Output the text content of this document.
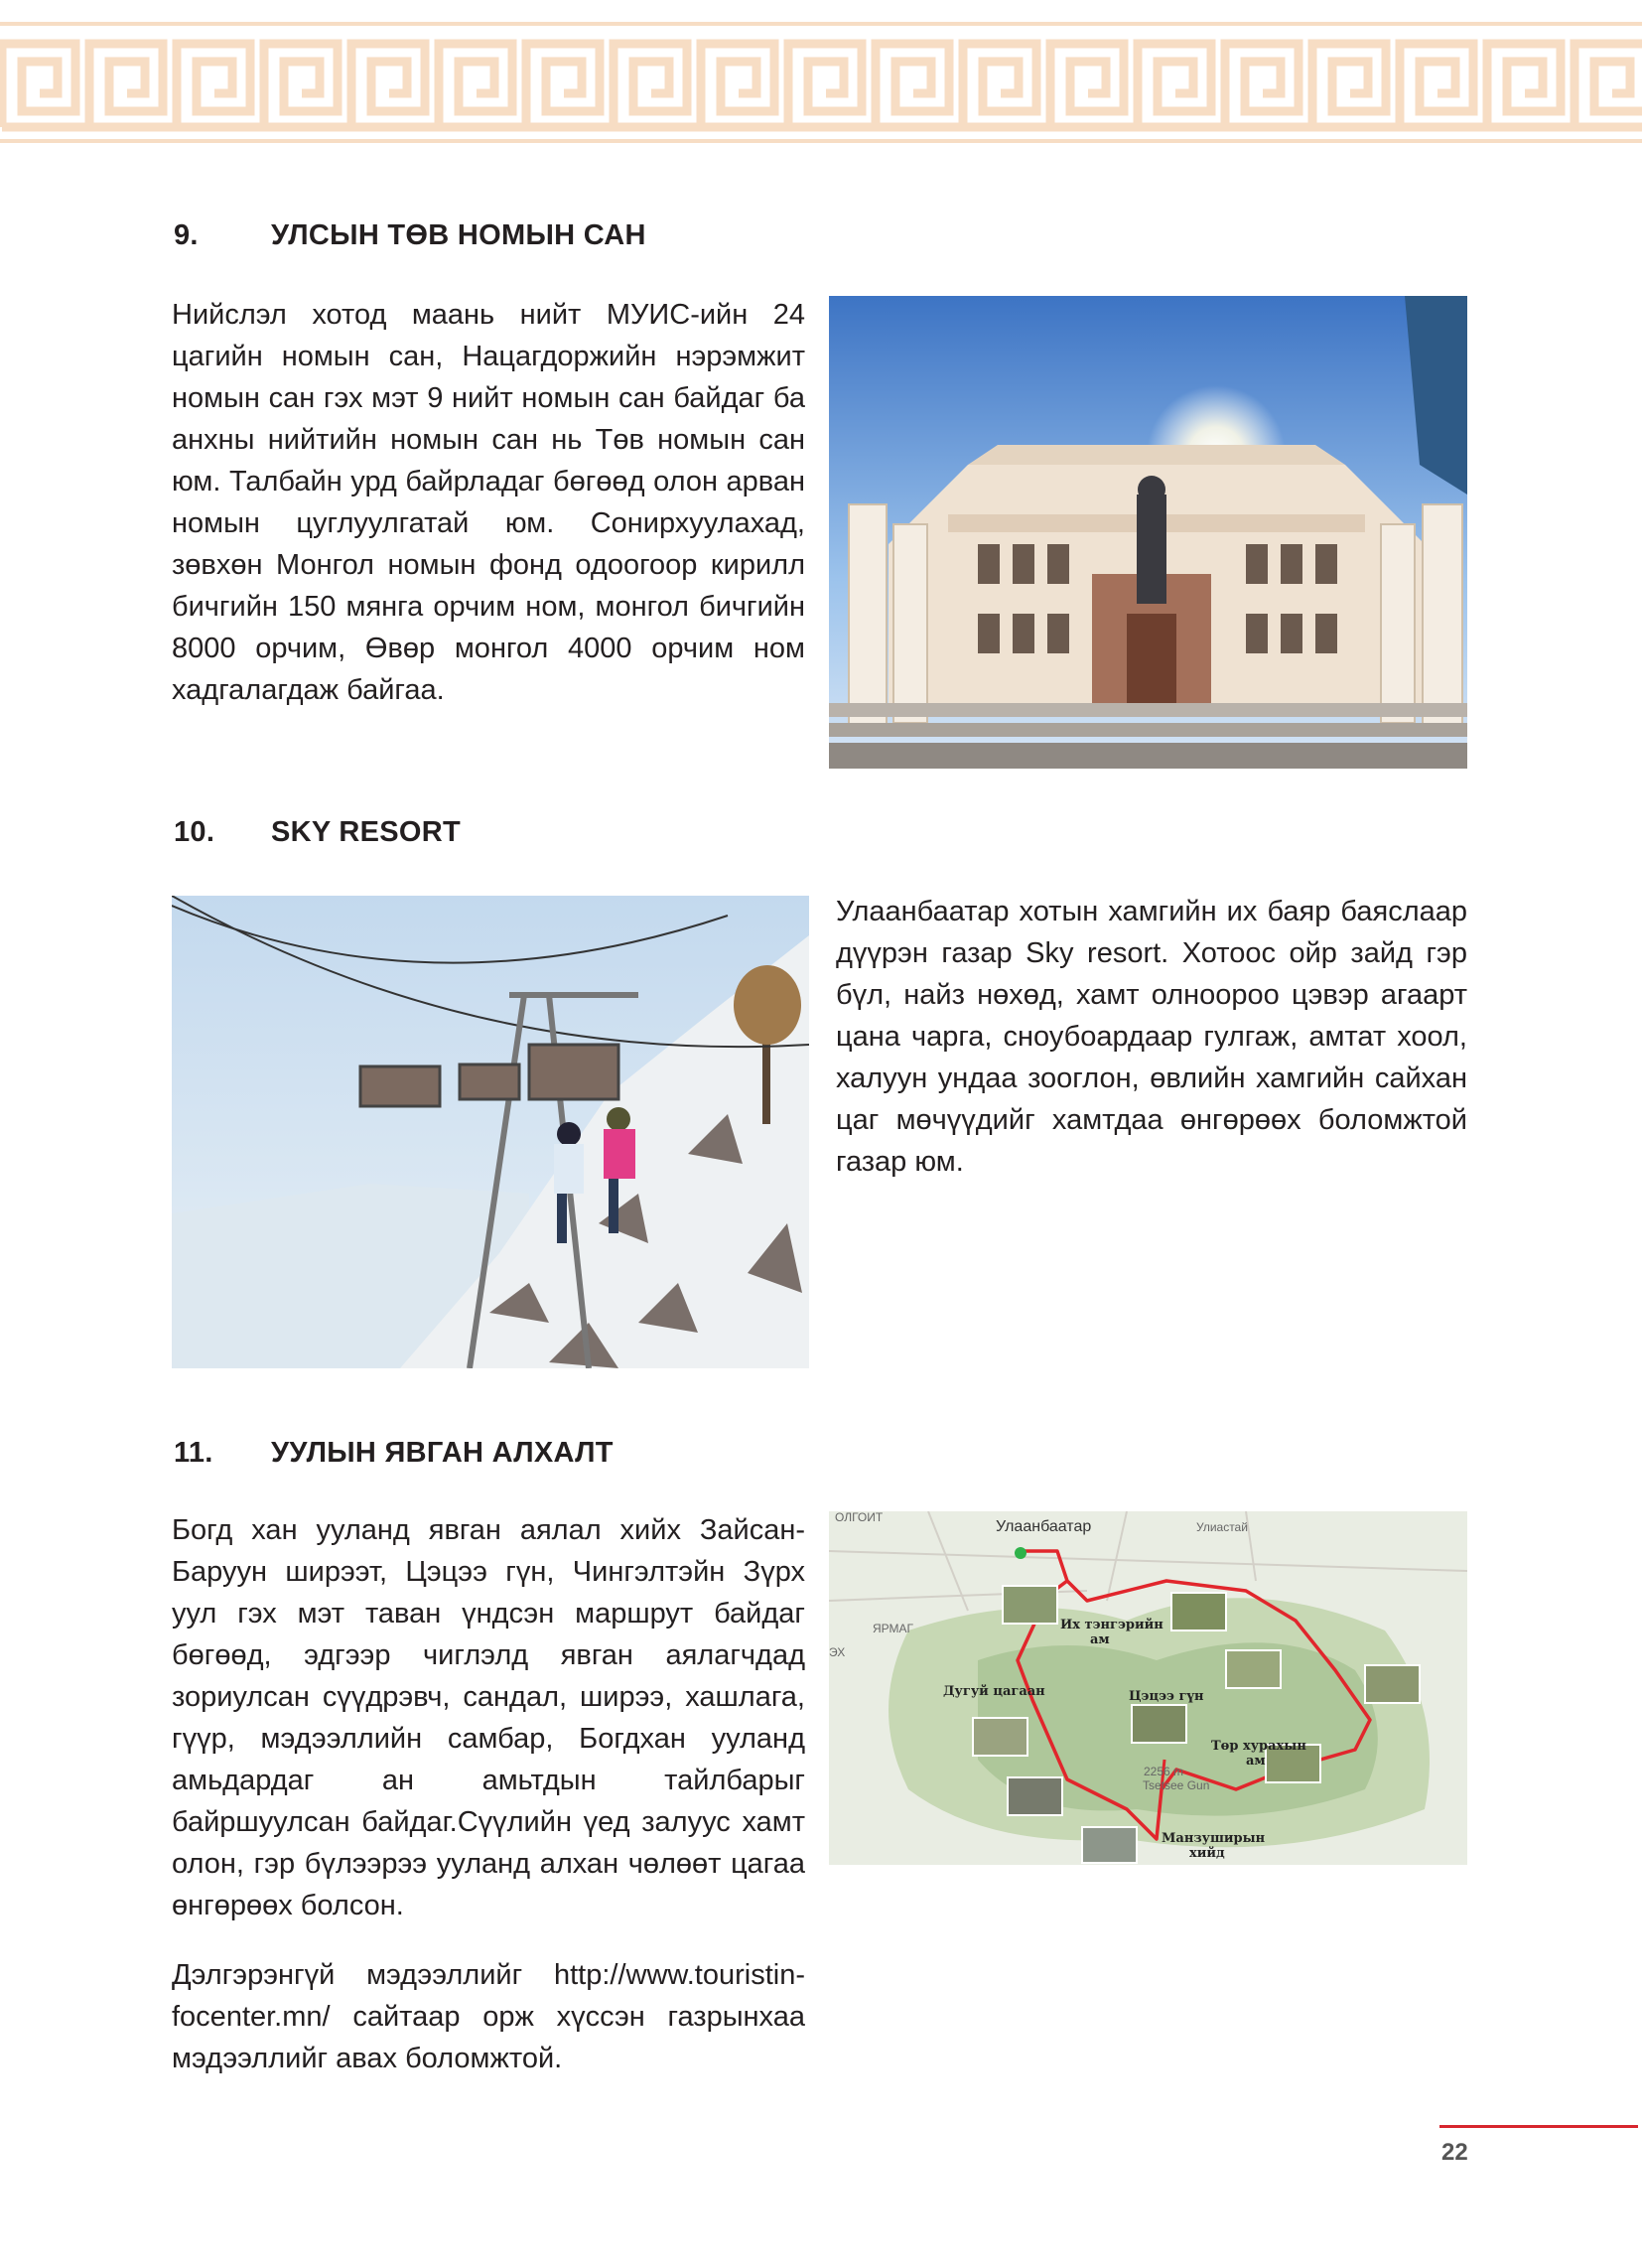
9.	УЛСЫН ТӨВ НОМЫН САН
Нийслэл хотод маань нийт МУИС-ийн 24 цагийн номын сан, Нацагдоржийн нэрэмжит номын сан гэх мэт 9 нийт номын сан байдаг ба анхны нийтийн номын сан нь Төв номын сан юм. Талбайн урд байрладаг бөгөөд олон арван номын цуглуулгатай юм. Сонирхуулахад, зөвхөн Монгол номын фонд одоогоор кирилл бичгийн 150 мянга орчим ном, монгол бичгийн 8000 орчим, Өвөр монгол 4000 орчим ном хадгалагдаж байгаа.
10. SKY RESORT
Улаанбаатар хотын хамгийн их баяр баяслаар дүүрэн газар Sky resort. Хотоос ойр зайд гэр бүл, найз нөхөд, хамт олноороо цэвэр агаарт цана чарга, сноубоардаар гулгаж, амтат хоол, халуун ундаа зооглон, өвлийн хамгийн сайхан цаг мөчүүдийг хамтдаа өнгөрөөх боломжтой газар юм.
11. УУЛЫН ЯВГАН АЛХАЛТ
Богд хан ууланд явган аялал хийх Зайсан-Баруун ширээт, Цэцээ гүн, Чингэлтэйн Зүрх уул гэх мэт таван үндсэн маршрут байдаг бөгөөд, эдгээр чиглэлд явган аялагчдад зориулсан сүүдрэвч, сандал, ширээ, хашлага, гүүр, мэдээллийн самбар, Богдхан ууланд амьдардаг ан амьтдын тайлбарыг байршуулсан байдаг.Сүүлийн үед залуус хамт олон, гэр бүлээрээ ууланд алхан чөлөөт цагаа өнгөрөөх болсон.
Дэлгэрэнгүй мэдээллийг http://www.touristin-focenter.mn/ сайтаар орж хүссэн газрынхаа мэдээллийг авах боломжтой.
ОЛГОИТ
Улаанбаатар	Улиастай
ЯРМАГ
ЭХ
Их тэнгэрийн
ам
Дугуй цагаан	Цэцээ гүн
Төр хурахын
ам
2256 m
Tsetsee Gun
Манзуширын
хийд
22
